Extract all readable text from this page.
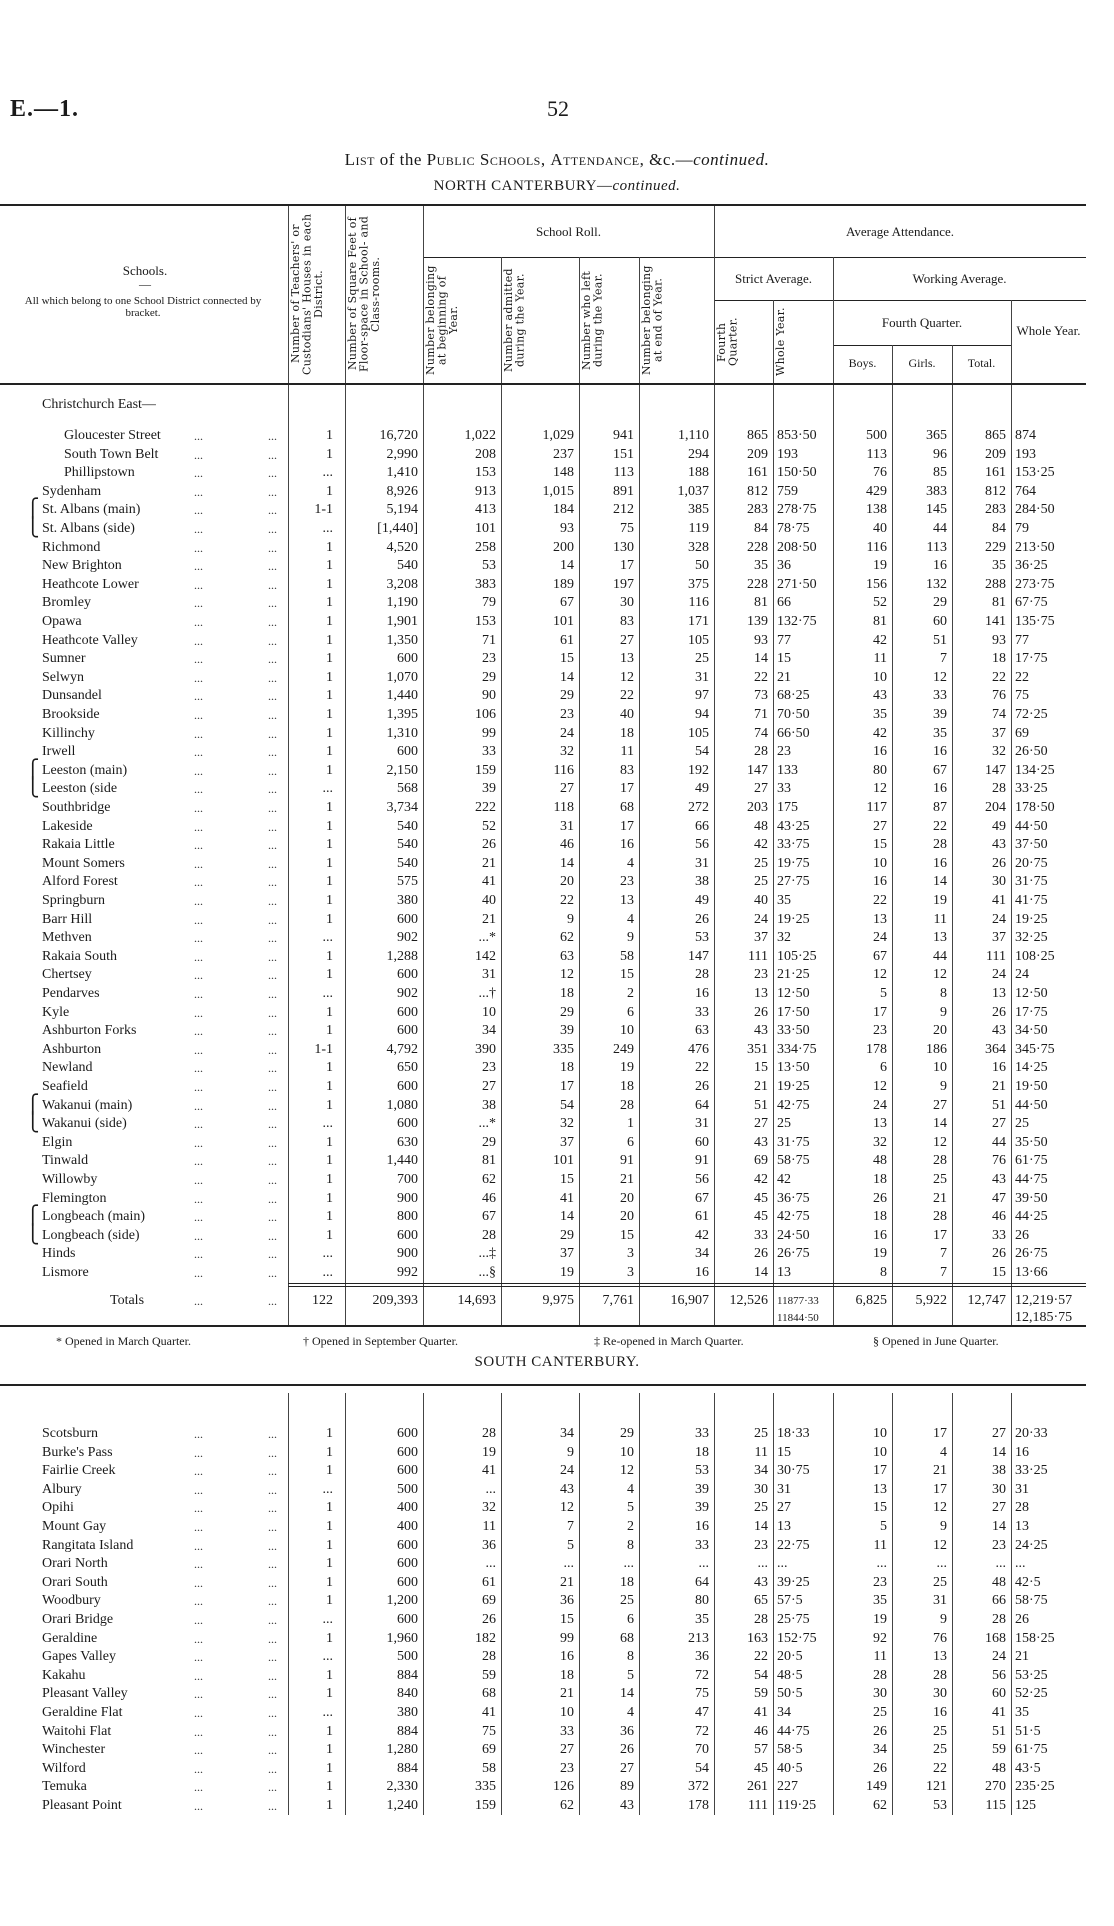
E.—1.	52
List of the Public Schools, Attendance, &c.—continued.
NORTH CANTERBURY—continued.
Schools.
—
All which belong to one School District connected by bracket.	Number of Teachers' or Custodians' Houses in each District.	Number of Square Feet of Floor-space in School- and Class-rooms.
School Roll.
Number belonging at beginning of Year.	Number admitted during the Year.	Number who left during the Year.	Number belonging at end of Year.
Average Attendance.
Strict Average.	Working Average.
Fourth Quarter.	Whole Year.	Fourth Quarter.
Whole Year.
Boys.	Girls.	Total.
Christchurch East—
Gloucester Street	...	...	1	16,720	1,022	1,029	941	1,110	865 853·50	500	365	865 874
South Town Belt	...	...	1	2,990	208	237	151	294	209 193	113	96	209 193
Phillipstown	...	...	...	1,410	153	148	113	188	161 150·50	76	85	161 153·25
Sydenham	...	...	1	8,926	913	1,015	891	1,037	812 759	429	383	812 764
⎧ St. Albans (main)	...	...	1-1	5,194	413	184	212	385	283 278·75	138	145	283 284·50
⎩ St. Albans (side)	...	...	...	[1,440]	101	93	75	119	84 78·75	40	44	84 79
Richmond	...	...	1	4,520	258	200	130	328	228 208·50	116	113	229 213·50
New Brighton	...	...	1	540	53	14	17	50	35 36	19	16	35 36·25
Heathcote Lower	...	...	1	3,208	383	189	197	375	228 271·50	156	132	288 273·75
Bromley	...	...	1	1,190	79	67	30	116	81 66	52	29	81 67·75
Opawa	...	...	1	1,901	153	101	83	171	139 132·75	81	60	141 135·75
Heathcote Valley	...	...	1	1,350	71	61	27	105	93 77	42	51	93 77
Sumner	...	...	1	600	23	15	13	25	14 15	11	7	18 17·75
Selwyn	...	...	1	1,070	29	14	12	31	22 21	10	12	22 22
Dunsandel	...	...	1	1,440	90	29	22	97	73 68·25	43	33	76 75
Brookside	...	...	1	1,395	106	23	40	94	71 70·50	35	39	74 72·25
Killinchy	...	...	1	1,310	99	24	18	105	74 66·50	42	35	37 69
Irwell	...	...	1	600	33	32	11	54	28 23	16	16	32 26·50
⎧ Leeston (main)	...	...	1	2,150	159	116	83	192	147 133	80	67	147 134·25
⎩ Leeston (side	...	...	...	568	39	27	17	49	27 33	12	16	28 33·25
Southbridge	...	...	1	3,734	222	118	68	272	203 175	117	87	204 178·50
Lakeside	...	...	1	540	52	31	17	66	48 43·25	27	22	49 44·50
Rakaia Little	...	...	1	540	26	46	16	56	42 33·75	15	28	43 37·50
Mount Somers	...	...	1	540	21	14	4	31	25 19·75	10	16	26 20·75
Alford Forest	...	...	1	575	41	20	23	38	25 27·75	16	14	30 31·75
Springburn	...	...	1	380	40	22	13	49	40 35	22	19	41 41·75
Barr Hill	...	...	1	600	21	9	4	26	24 19·25	13	11	24 19·25
Methven	...	...	...	902	...*	62	9	53	37 32	24	13	37 32·25
Rakaia South	...	...	1	1,288	142	63	58	147	111 105·25	67	44	111 108·25
Chertsey	...	...	1	600	31	12	15	28	23 21·25	12	12	24 24
Pendarves	...	...	...	902	...†	18	2	16	13 12·50	5	8	13 12·50
Kyle	...	...	1	600	10	29	6	33	26 17·50	17	9	26 17·75
Ashburton Forks	...	...	1	600	34	39	10	63	43 33·50	23	20	43 34·50
Ashburton	...	...	1-1	4,792	390	335	249	476	351 334·75	178	186	364 345·75
Newland	...	...	1	650	23	18	19	22	15 13·50	6	10	16 14·25
Seafield	...	...	1	600	27	17	18	26	21 19·25	12	9	21 19·50
⎧ Wakanui (main)	...	...	1	1,080	38	54	28	64	51 42·75	24	27	51 44·50
⎩ Wakanui (side)	...	...	...	600	...*	32	1	31	27 25	13	14	27 25
Elgin	...	...	1	630	29	37	6	60	43 31·75	32	12	44 35·50
Tinwald	...	...	1	1,440	81	101	91	91	69 58·75	48	28	76 61·75
Willowby	...	...	1	700	62	15	21	56	42 42	18	25	43 44·75
Flemington	...	...	1	900	46	41	20	67	45 36·75	26	21	47 39·50
⎧ Longbeach (main)	...	...	1	800	67	14	20	61	45 42·75	18	28	46 44·25
⎩ Longbeach (side)	...	...	1	600	28	29	15	42	33 24·50	16	17	33 26
Hinds	...	...	...	900	...‡	37	3	34	26 26·75	19	7	26 26·75
Lismore	...	...	...	992	...§	19	3	16	14 13	8	7	15 13·66
Totals	...	...	122	209,393	14,693	9,975	7,761	16,907	12,526 11877·33	6,825	5,922	12,747 12,219·57
11844·50	12,185·75
* Opened in March Quarter.	† Opened in September Quarter.	‡ Re-opened in March Quarter.	§ Opened in June Quarter.
SOUTH CANTERBURY.
Scotsburn	...	...	1	600	28	34	29	33	25 18·33	10	17	27 20·33
Burke's Pass	...	...	1	600	19	9	10	18	11 15	10	4	14 16
Fairlie Creek	...	...	1	600	41	24	12	53	34 30·75	17	21	38 33·25
Albury	...	...	...	500	...	43	4	39	30 31	13	17	30 31
Opihi	...	...	1	400	32	12	5	39	25 27	15	12	27 28
Mount Gay	...	...	1	400	11	7	2	16	14 13	5	9	14 13
Rangitata Island	...	...	1	600	36	5	8	33	23 22·75	11	12	23 24·25
Orari North	...	...	1	600	...	...	...	...	... ...	...	...	... ...
Orari South	...	...	1	600	61	21	18	64	43 39·25	23	25	48 42·5
Woodbury	...	...	1	1,200	69	36	25	80	65 57·5	35	31	66 58·75
Orari Bridge	...	...	...	600	26	15	6	35	28 25·75	19	9	28 26
Geraldine	...	...	1	1,960	182	99	68	213	163 152·75	92	76	168 158·25
Gapes Valley	...	...	...	500	28	16	8	36	22 20·5	11	13	24 21
Kakahu	...	...	1	884	59	18	5	72	54 48·5	28	28	56 53·25
Pleasant Valley	...	...	1	840	68	21	14	75	59 50·5	30	30	60 52·25
Geraldine Flat	...	...	...	380	41	10	4	47	41 34	25	16	41 35
Waitohi Flat	...	...	1	884	75	33	36	72	46 44·75	26	25	51 51·5
Winchester	...	...	1	1,280	69	27	26	70	57 58·5	34	25	59 61·75
Wilford	...	...	1	884	58	23	27	54	45 40·5	26	22	48 43·5
Temuka	...	...	1	2,330	335	126	89	372	261 227	149	121	270 235·25
Pleasant Point	...	...	1	1,240	159	62	43	178	111 119·25	62	53	115 125
